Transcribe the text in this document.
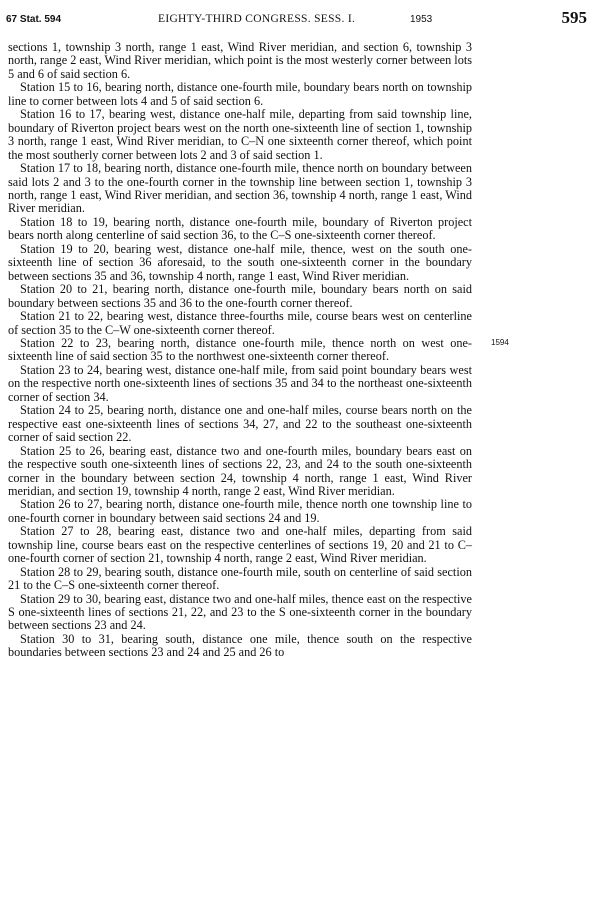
67 Stat. 594	EIGHTY-THIRD CONGRESS. SESS. I.	1953	595

sections 1, township 3 north, range 1 east, Wind River meridian, and section 6, township 3 north, range 2 east, Wind River meridian, which point is the most westerly corner between lots 5 and 6 of said section 6.

Station 15 to 16, bearing north, distance one-fourth mile, boundary bears north on township line to corner between lots 4 and 5 of said section 6.

Station 16 to 17, bearing west, distance one-half mile, departing from said township line, boundary of Riverton project bears west on the north one-sixteenth line of section 1, township 3 north, range 1 east, Wind River meridian, to C–N one sixteenth corner thereof, which point the most southerly corner between lots 2 and 3 of said section 1.

Station 17 to 18, bearing north, distance one-fourth mile, thence north on boundary between said lots 2 and 3 to the one-fourth corner in the township line between section 1, township 3 north, range 1 east, Wind River meridian, and section 36, township 4 north, range 1 east, Wind River meridian.

Station 18 to 19, bearing north, distance one-fourth mile, boundary of Riverton project bears north along centerline of said section 36, to the C–S one-sixteenth corner thereof.

Station 19 to 20, bearing west, distance one-half mile, thence, west on the south one-sixteenth line of section 36 aforesaid, to the south one-sixteenth corner in the boundary between sections 35 and 36, township 4 north, range 1 east, Wind River meridian.

Station 20 to 21, bearing north, distance one-fourth mile, boundary bears north on said boundary between sections 35 and 36 to the one-fourth corner thereof.

Station 21 to 22, bearing west, distance three-fourths mile, course bears west on centerline of section 35 to the C–W one-sixteenth corner thereof.

Station 22 to 23, bearing north, distance one-fourth mile, thence north on west one-sixteenth line of said section 35 to the northwest one-sixteenth corner thereof.

Station 23 to 24, bearing west, distance one-half mile, from said point boundary bears west on the respective north one-sixteenth lines of sections 35 and 34 to the northeast one-sixteenth corner of section 34.

Station 24 to 25, bearing north, distance one and one-half miles, course bears north on the respective east one-sixteenth lines of sections 34, 27, and 22 to the southeast one-sixteenth corner of said section 22.

Station 25 to 26, bearing east, distance two and one-fourth miles, boundary bears east on the respective south one-sixteenth lines of sections 22, 23, and 24 to the south one-sixteenth corner in the boundary between section 24, township 4 north, range 1 east, Wind River meridian, and section 19, township 4 north, range 2 east, Wind River meridian.

Station 26 to 27, bearing north, distance one-fourth mile, thence north one township line to one-fourth corner in boundary between said sections 24 and 19.

Station 27 to 28, bearing east, distance two and one-half miles, departing from said township line, course bears east on the respective centerlines of sections 19, 20 and 21 to C–one-fourth corner of section 21, township 4 north, range 2 east, Wind River meridian.

Station 28 to 29, bearing south, distance one-fourth mile, south on centerline of said section 21 to the C–S one-sixteenth corner thereof.

Station 29 to 30, bearing east, distance two and one-half miles, thence east on the respective S one-sixteenth lines of sections 21, 22, and 23 to the S one-sixteenth corner in the boundary between sections 23 and 24.

Station 30 to 31, bearing south, distance one mile, thence south on the respective boundaries between sections 23 and 24 and 25 and 26 to

1594
